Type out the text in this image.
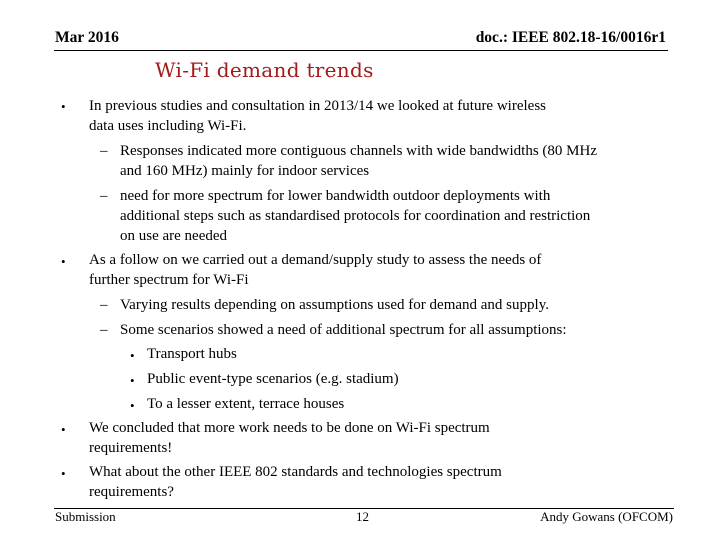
Mar 2016	doc.: IEEE 802.18-16/0016r1
Wi-Fi demand trends
• In previous studies and consultation in 2013/14 we looked at future wireless
data uses including Wi-Fi.
– Responses indicated more contiguous channels with wide bandwidths (80 MHz
and 160 MHz) mainly for indoor services
– need for more spectrum for lower bandwidth outdoor deployments with
additional steps such as standardised protocols for coordination and restriction
on use are needed
• As a follow on we carried out a demand/supply study to assess the needs of
further spectrum for Wi-Fi
– Varying results depending on assumptions used for demand and supply.
– Some scenarios showed a need of additional spectrum for all assumptions:
• Transport hubs
• Public event-type scenarios (e.g. stadium)
• To a lesser extent, terrace houses
• We concluded that more work needs to be done on Wi-Fi spectrum
requirements!
• What about the other IEEE 802 standards and technologies spectrum
requirements?
Submission	12	Andy Gowans (OFCOM)
